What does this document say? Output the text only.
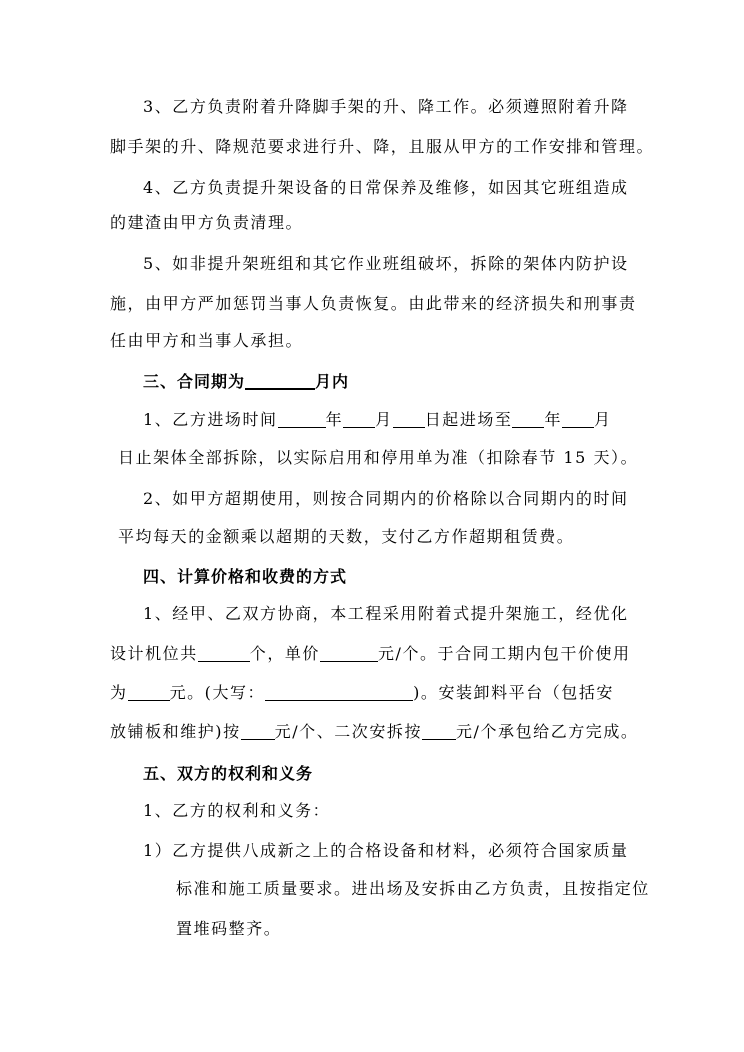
3、乙方负责附着升降脚手架的升、降工作。必须遵照附着升降
脚手架的升、降规范要求进行升、降，且服从甲方的工作安排和管理。
4、乙方负责提升架设备的日常保养及维修，如因其它班组造成
的建渣由甲方负责清理。
5、如非提升架班组和其它作业班组破坏，拆除的架体内防护设
施，由甲方严加惩罚当事人负责恢复。由此带来的经济损失和刑事责
任由甲方和当事人承担。
三、合同期为	月内
1、乙方进场时间	年 月 日起进场至 年 月
日止架体全部拆除，以实际启用和停用单为准（扣除春节 15 天）。
2、如甲方超期使用，则按合同期内的价格除以合同期内的时间
平均每天的金额乘以超期的天数，支付乙方作超期租赁费。
四、计算价格和收费的方式
1、经甲、乙双方协商，本工程采用附着式提升架施工，经优化
设计机位共	个，单价	元/个。于合同工期内包干价使用
为	元。(大写：	)。安装卸料平台（包括安
放铺板和维护)按 元/个、二次安拆按 元/个承包给乙方完成。
五、双方的权利和义务
1、乙方的权利和义务：
1）乙方提供八成新之上的合格设备和材料，必须符合国家质量
标准和施工质量要求。进出场及安拆由乙方负责，且按指定位
置堆码整齐。
